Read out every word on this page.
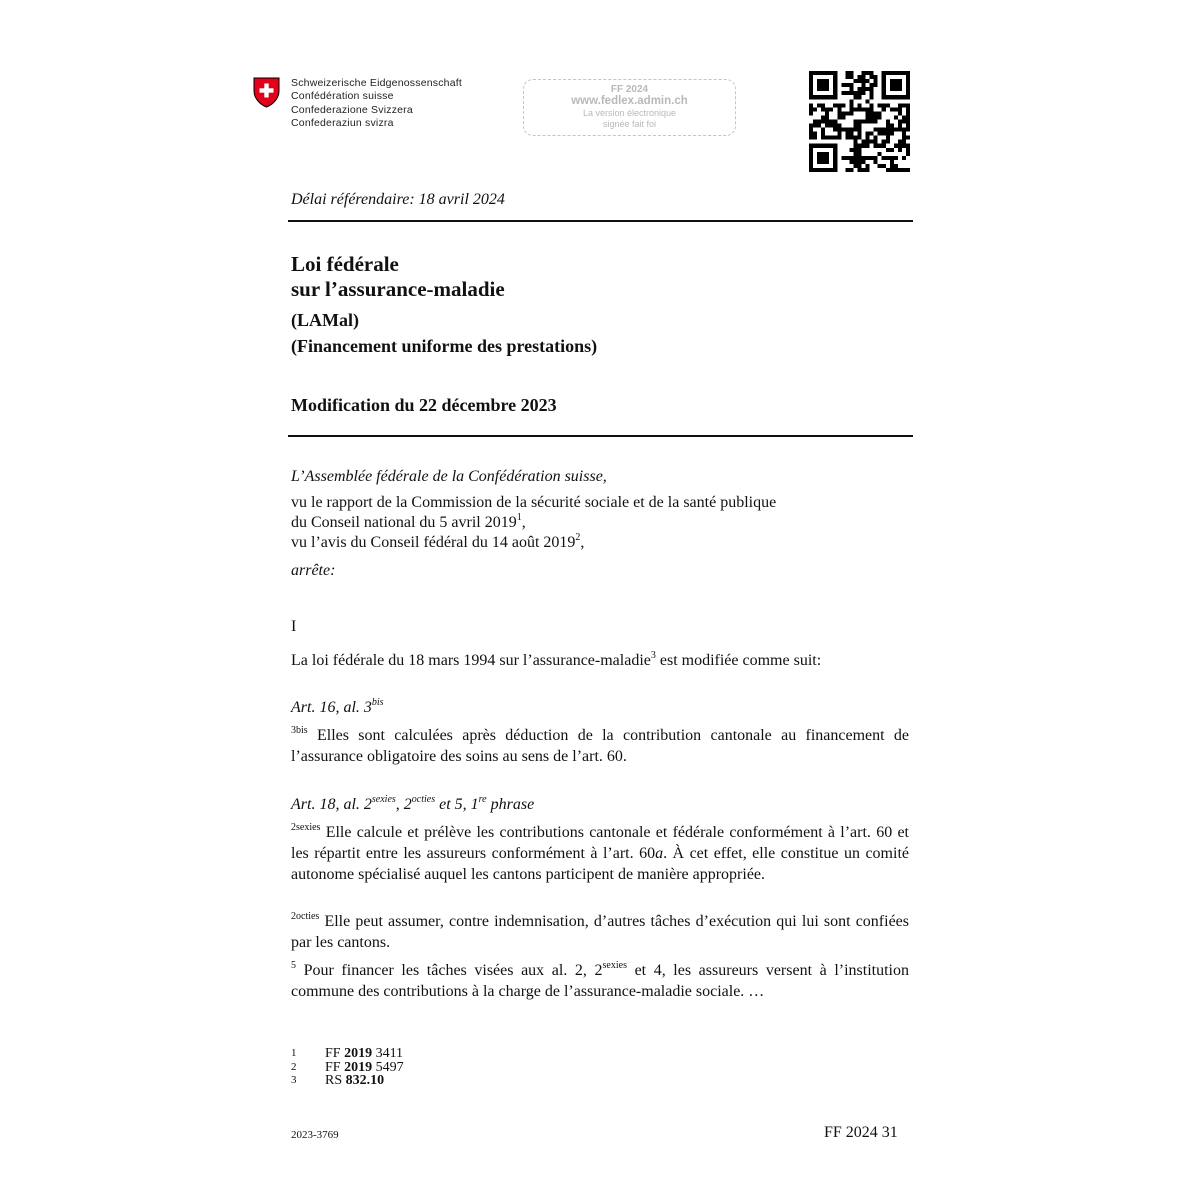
Schweizerische Eidgenossenschaft
Confédération suisse
Confederazione Svizzera
Confederaziun svizra
FF 2024
www.fedlex.admin.ch
La version électronique
signée fait foi
Délai référendaire: 18 avril 2024
Loi fédérale
sur l’assurance-maladie
(LAMal)
(Financement uniforme des prestations)
Modification du 22 décembre 2023
L’Assemblée fédérale de la Confédération suisse,
vu le rapport de la Commission de la sécurité sociale et de la santé publique
du Conseil national du 5 avril 2019$^1$,
vu l’avis du Conseil fédéral du 14 août 2019$^2$,
arrête:
I
La loi fédérale du 18 mars 1994 sur l’assurance-maladie$^3$ est modifiée comme suit:
Art. 16, al. $3^{bis}$
$^{3bis}$ Elles sont calculées après déduction de la contribution cantonale au financement de l’assurance obligatoire des soins au sens de l’art. 60.
Art. 18, al. $2^{sexies}$, $2^{octies}$ et 5, 1re phrase
$^{2sexies}$ Elle calcule et prélève les contributions cantonale et fédérale conformément à l’art. 60 et les répartit entre les assureurs conformément à l’art. 60a. À cet effet, elle constitue un comité autonome spécialisé auquel les cantons participent de manière appropriée.
$^{2octies}$ Elle peut assumer, contre indemnisation, d’autres tâches d’exécution qui lui sont confiées par les cantons.
$^5$ Pour financer les tâches visées aux al. 2, $2^{sexies}$ et 4, les assureurs versent à l’institution commune des contributions à la charge de l’assurance-maladie sociale. …
1 FF 2019 3411
2 FF 2019 5497
3 RS 832.10
2023-3769	FF 2024 31
